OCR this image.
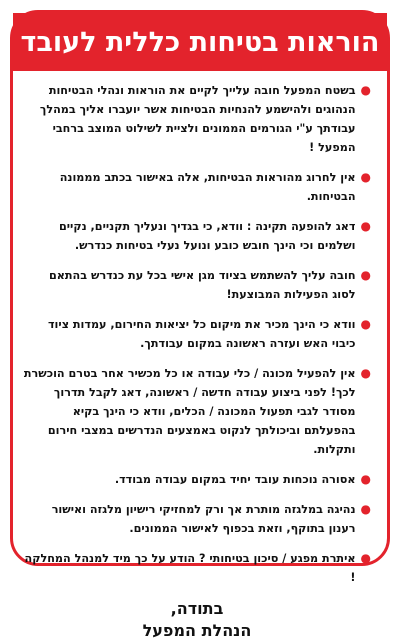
הוראות בטיחות כללית לעובד
●
בשטח המפעל חובה עלייך לקיים את הוראות ונהלי הבטיחות הנהוגים ולהישמע להנחיות הבטיחות אשר יועברו אליך במהלך עבודתך ע"י הגורמים הממונים ולציית לשילוט המוצב ברחבי המפעל !
●
אין לחרוג מהוראות הבטיחות, אלה באישור בכתב מממונה הבטיחות.
●
דאג להופעה תקינה : וודא, כי בגדיך ונעליך תקניים, נקיים ושלמים וכי הינך חובש כובע ונועל נעלי בטיחות כנדרש.
●
חובה עליך להשתמש בציוד מגן אישי בכל עת כנדרש בהתאם לסוג הפעילות המבוצעת!
●
וודא כי הינך מכיר את מיקום כל יציאות החירום, עמדות ציוד כיבוי האש ועזרה ראשונה במקום עבודתך.
●
אין להפעיל מכונה / כלי עבודה או כל מכשיר אחר בטרם הוכשרת לכך! לפני ביצוע עבודה חדשה / ראשונה, דאג לקבל תדרוך מסודר לגבי תפעול המכונה / הכלים, וודא כי הינך בקיא בהפעלתם וביכולתך לנקוט באמצעים הנדרשים במצבי חירום ותקלות.
●
אסורה נוכחות עובד יחיד במקום עבודה מבודד.
●
נהיגה במלגזה מותרת אך ורק למחזיקי רישיון מלגזה ואישור רענון בתוקף, וזאת בכפוף לאישור הממונים.
●
איתרת מפגע / סיכון בטיחותי ? הודע על כך מיד למנהל המחלקה !
בתודה,
הנהלת המפעל
